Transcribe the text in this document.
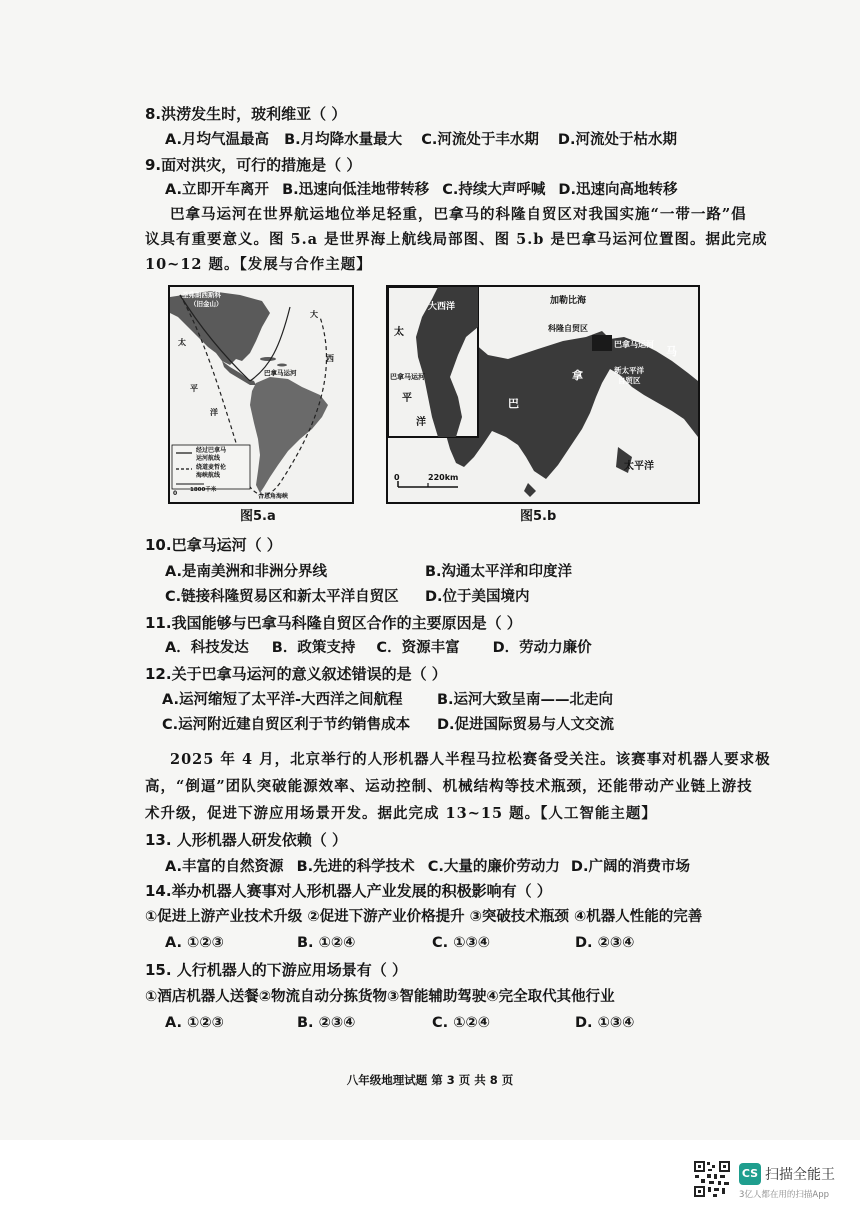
8.洪涝发生时，玻利维亚（ ）
A.月均气温最高 B.月均降水量最大 C.河流处于丰水期 D.河流处于枯水期
9.面对洪灾，可行的措施是（ ）
A.立即开车离开 B.迅速向低洼地带转移 C.持续大声呼喊 D.迅速向高地转移
巴拿马运河在世界航运地位举足轻重，巴拿马的科隆自贸区对我国实施“一带一路”倡
议具有重要意义。图 5.a 是世界海上航线局部图、图 5.b 是巴拿马运河位置图。据此完成
10~12 题。【发展与合作主题】
圣弗朗西斯科
（旧金山）
大
太
西
巴拿马运河
平
洋
合恩角海峡
经过巴拿马
运河航线
绕道麦哲伦
海峡航线
0 1800千米
图5.a
加勒比海
科隆自贸区
巴拿马运河
马
新太平洋
自贸区
拿
巴
太平洋
0	220km
大西洋
太
巴拿马运河
平
洋
图5.b
10.巴拿马运河（ ）
A.是南美洲和非洲分界线	B.沟通太平洋和印度洋
C.链接科隆贸易区和新太平洋自贸区 D.位于美国境内
11.我国能够与巴拿马科隆自贸区合作的主要原因是（ ）
A．科技发达 B．政策支持 C．资源丰富 D．劳动力廉价
12.关于巴拿马运河的意义叙述错误的是（ ）
A.运河缩短了太平洋-大西洋之间航程 B.运河大致呈南——北走向
C.运河附近建自贸区利于节约销售成本 D.促进国际贸易与人文交流
2025 年 4 月，北京举行的人形机器人半程马拉松赛备受关注。该赛事对机器人要求极
高，“倒逼”团队突破能源效率、运动控制、机械结构等技术瓶颈，还能带动产业链上游技
术升级，促进下游应用场景开发。据此完成 13~15 题。【人工智能主题】
13. 人形机器人研发依赖（ ）
A.丰富的自然资源 B.先进的科学技术 C.大量的廉价劳动力 D.广阔的消费市场
14.举办机器人赛事对人形机器人产业发展的积极影响有（ ）
①促进上游产业技术升级 ②促进下游产业价格提升 ③突破技术瓶颈 ④机器人性能的完善
A. ①②③	B. ①②④	C. ①③④	D. ②③④
15. 人行机器人的下游应用场景有（ ）
①酒店机器人送餐②物流自动分拣货物③智能辅助驾驶④完全取代其他行业
A. ①②③	B. ②③④	C. ①②④	D. ①③④
八年级地理试题 第 3 页 共 8 页
CS 扫描全能王
3亿人都在用的扫描App
